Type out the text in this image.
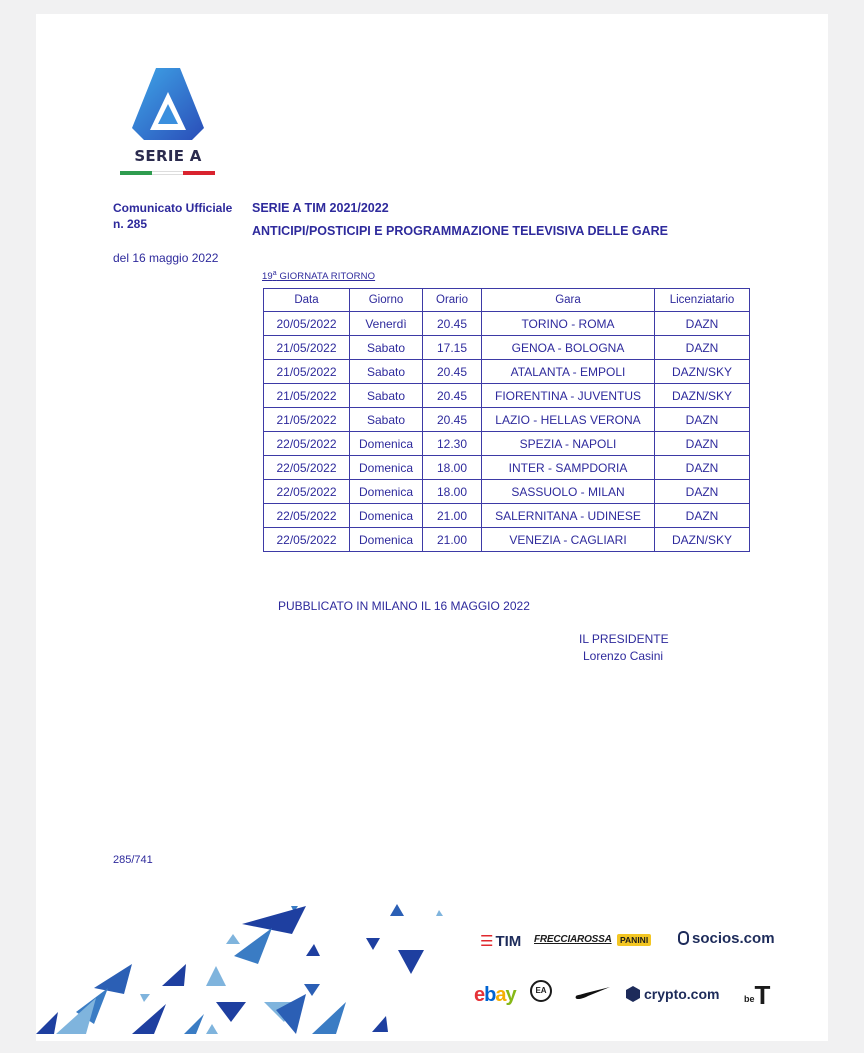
SERIE A
Comunicato Ufficiale
n. 285
del 16 maggio 2022
SERIE A TIM 2021/2022
ANTICIPI/POSTICIPI E PROGRAMMAZIONE TELEVISIVA DELLE GARE
19$^a$ GIORNATA RITORNO
Data	Giorno	Orario	Gara	Licenziatario
20/05/2022	Venerdì	20.45	TORINO - ROMA	DAZN
21/05/2022	Sabato	17.15	GENOA - BOLOGNA	DAZN
21/05/2022	Sabato	20.45	ATALANTA - EMPOLI	DAZN/SKY
21/05/2022	Sabato	20.45	FIORENTINA - JUVENTUS	DAZN/SKY
21/05/2022	Sabato	20.45	LAZIO - HELLAS VERONA	DAZN
22/05/2022	Domenica	12.30	SPEZIA - NAPOLI	DAZN
22/05/2022	Domenica	18.00	INTER - SAMPDORIA	DAZN
22/05/2022	Domenica	18.00	SASSUOLO - MILAN	DAZN
22/05/2022	Domenica	21.00	SALERNITANA - UDINESE	DAZN
22/05/2022	Domenica	21.00	VENEZIA - CAGLIARI	DAZN/SKY
PUBBLICATO IN MILANO IL 16 MAGGIO 2022
IL PRESIDENTE
Lorenzo Casini
285/741
☰ TIM FRECCIAROSSA PANINI	socios.com
ebay	EA	crypto.com	beT
